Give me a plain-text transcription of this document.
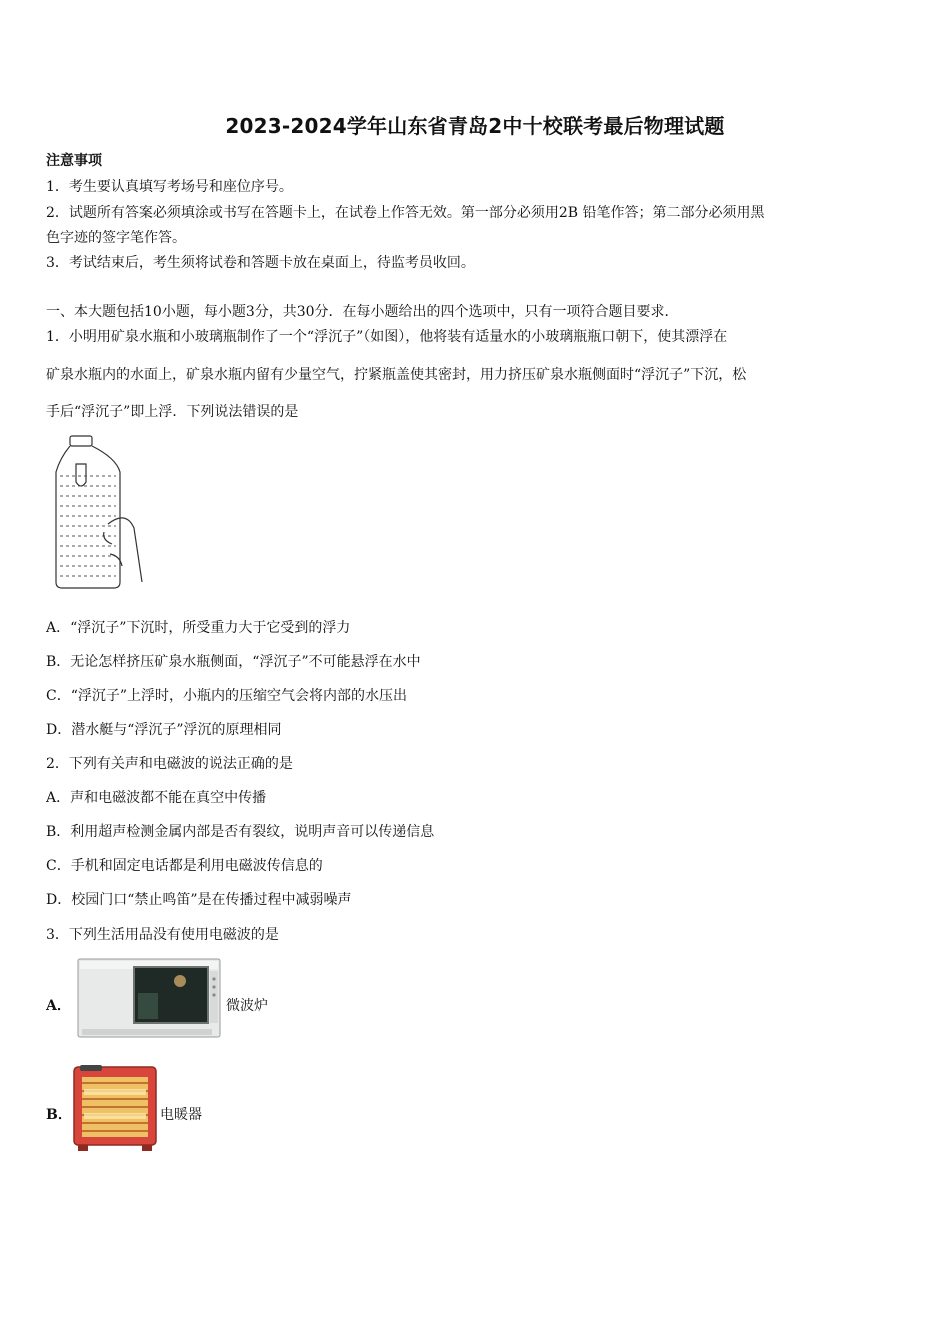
2023-2024学年山东省青岛2中十校联考最后物理试题
注意事项
1．考生要认真填写考场号和座位序号。
2．试题所有答案必须填涂或书写在答题卡上，在试卷上作答无效。第一部分必须用2B 铅笔作答；第二部分必须用黑
色字迹的签字笔作答。
3．考试结束后，考生须将试卷和答题卡放在桌面上，待监考员收回。
一、本大题包括10小题，每小题3分，共30分．在每小题给出的四个选项中，只有一项符合题目要求．
1．小明用矿泉水瓶和小玻璃瓶制作了一个“浮沉子”（如图），他将装有适量水的小玻璃瓶瓶口朝下，使其漂浮在
矿泉水瓶内的水面上，矿泉水瓶内留有少量空气，拧紧瓶盖使其密封，用力挤压矿泉水瓶侧面时“浮沉子”下沉，松
手后“浮沉子”即上浮．下列说法错误的是
A．“浮沉子”下沉时，所受重力大于它受到的浮力
B．无论怎样挤压矿泉水瓶侧面，“浮沉子”不可能悬浮在水中
C．“浮沉子”上浮时，小瓶内的压缩空气会将内部的水压出
D．潜水艇与“浮沉子”浮沉的原理相同
2．下列有关声和电磁波的说法正确的是
A．声和电磁波都不能在真空中传播
B．利用超声检测金属内部是否有裂纹，说明声音可以传递信息
C．手机和固定电话都是利用电磁波传信息的
D．校园门口“禁止鸣笛”是在传播过程中减弱噪声
3．下列生活用品没有使用电磁波的是
A．	微波炉
B．	电暖器
